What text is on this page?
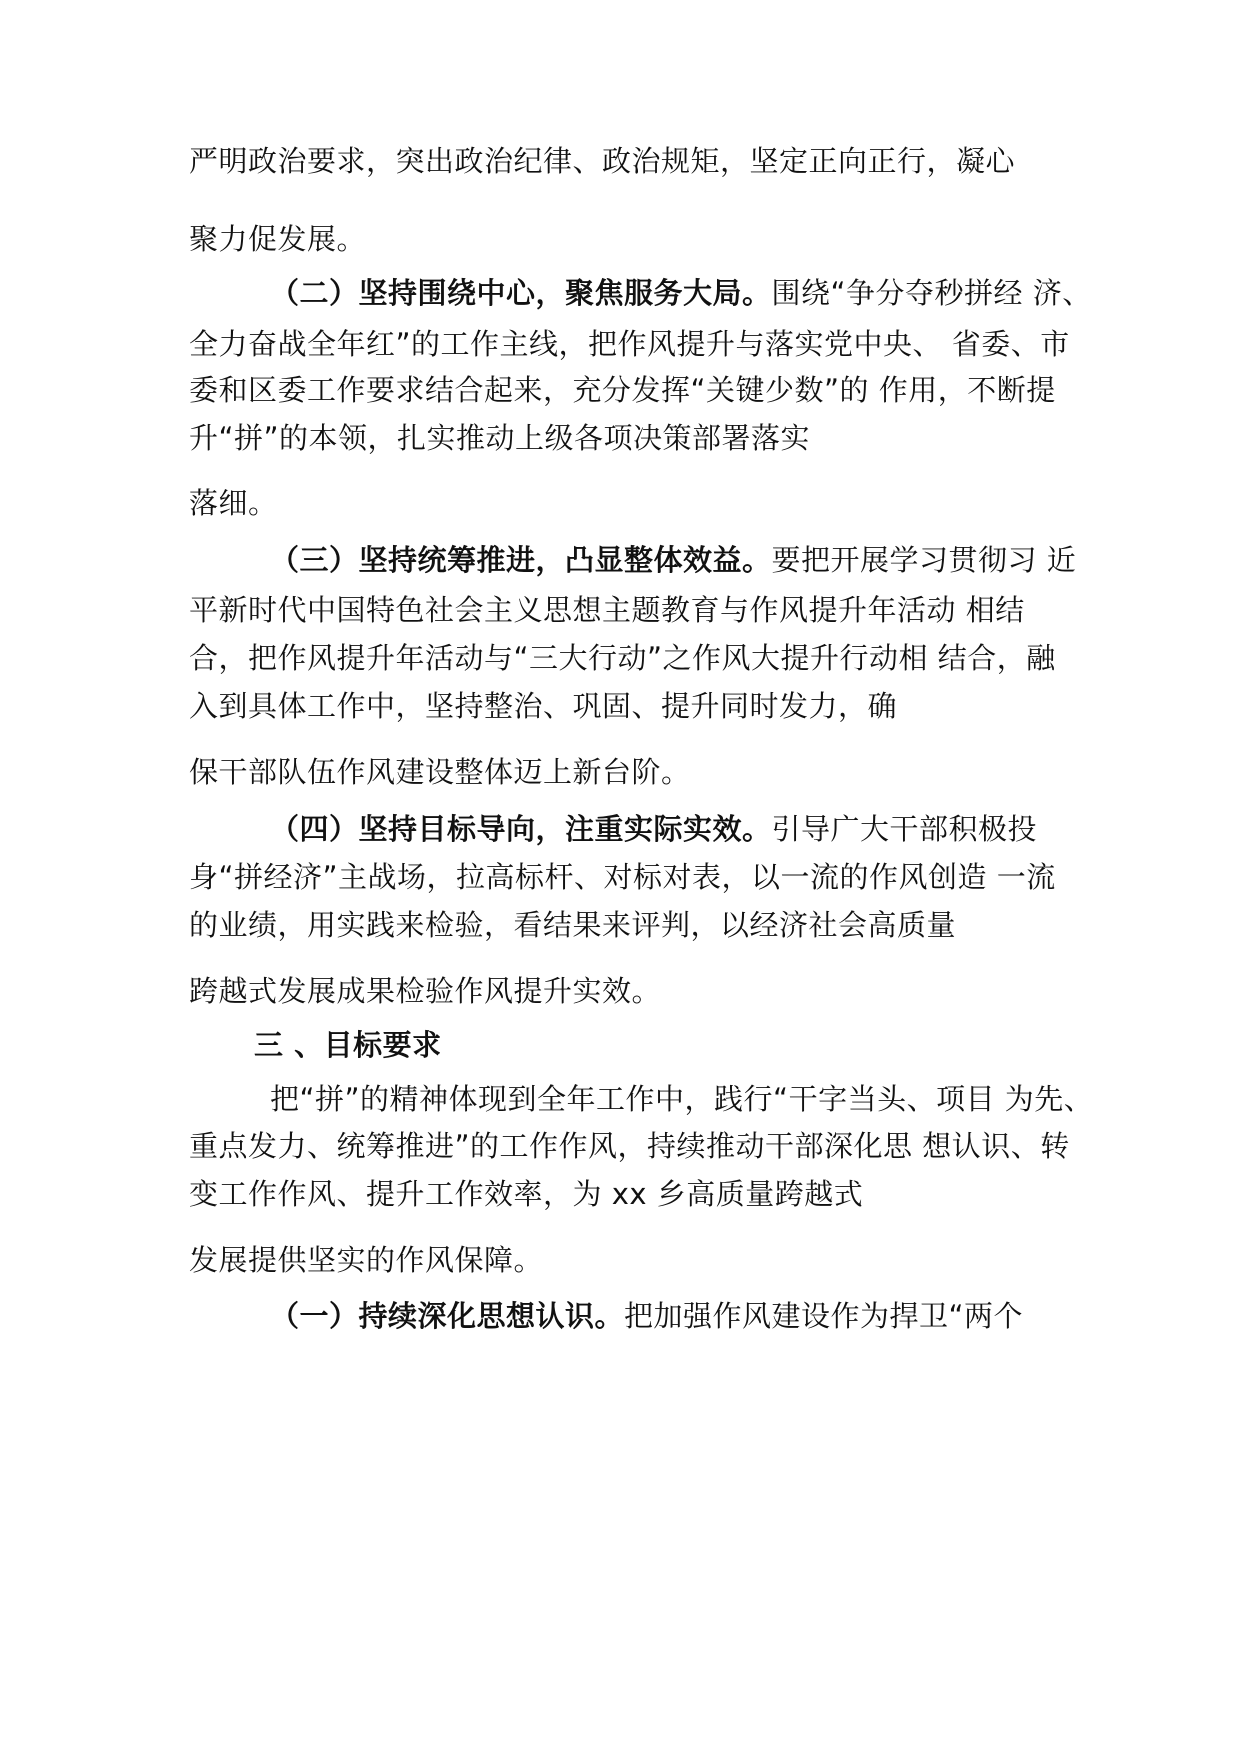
严明政治要求，突出政治纪律、政治规矩，坚定正向正行，凝心
聚力促发展。
（二）坚持围绕中心，聚焦服务大局。围绕“争分夺秒拼经 济、
全力奋战全年红”的工作主线，把作风提升与落实党中央、 省委、市
委和区委工作要求结合起来，充分发挥“关键少数”的 作用，不断提
升“拼”的本领，扎实推动上级各项决策部署落实
落细。
（三）坚持统筹推进，凸显整体效益。要把开展学习贯彻习 近
平新时代中国特色社会主义思想主题教育与作风提升年活动 相结
合，把作风提升年活动与“三大行动”之作风大提升行动相 结合，融
入到具体工作中，坚持整治、巩固、提升同时发力，确
保干部队伍作风建设整体迈上新台阶。
（四）坚持目标导向，注重实际实效。引导广大干部积极投
身“拼经济”主战场，拉高标杆、对标对表，以一流的作风创造 一流
的业绩，用实践来检验，看结果来评判，以经济社会高质量
跨越式发展成果检验作风提升实效。
三 、目标要求
把“拼”的精神体现到全年工作中，践行“干字当头、项目 为先、
重点发力、统筹推进”的工作作风，持续推动干部深化思 想认识、转
变工作作风、提升工作效率，为 xx 乡高质量跨越式
发展提供坚实的作风保障。
（一）持续深化思想认识。把加强作风建设作为捍卫“两个
